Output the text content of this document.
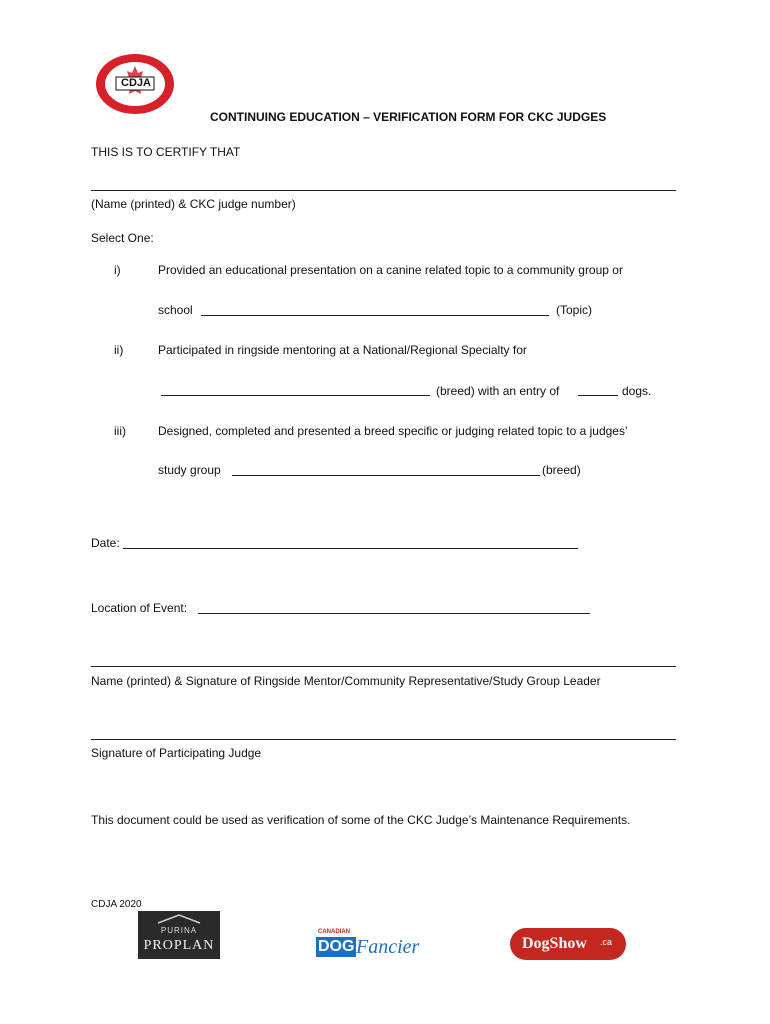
CDJA
CONTINUING EDUCATION – VERIFICATION FORM FOR CKC JUDGES
THIS IS TO CERTIFY THAT
(Name (printed) & CKC judge number)
Select One:
i)	Provided an educational presentation on a canine related topic to a community group or
school	(Topic)
ii)	Participated in ringside mentoring at a National/Regional Specialty for
(breed) with an entry of	dogs.
iii)	Designed, completed and presented a breed specific or judging related topic to a judges’
study group	(breed)
Date:
Location of Event:
Name (printed) & Signature of Ringside Mentor/Community Representative/Study Group Leader
Signature of Participating Judge
This document could be used as verification of some of the CKC Judge’s Maintenance Requirements.
CDJA 2020
PURINA
PROPLAN
CANADIAN
DOG Fancier	DogShow .ca
